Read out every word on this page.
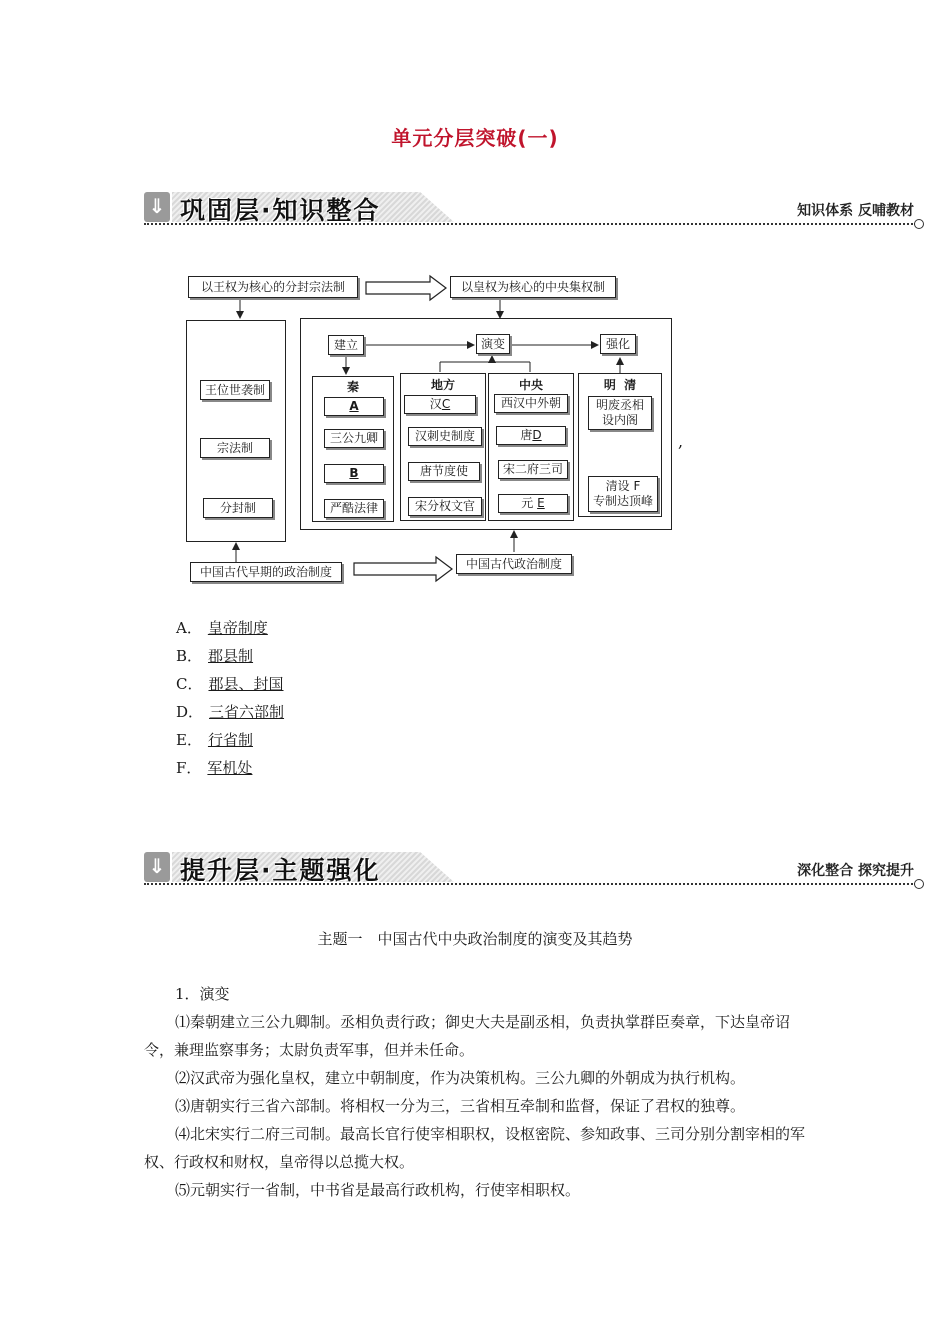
单元分层突破(一)
⇓ 巩固层·知识整合	知识体系 反哺教材
以王权为核心的分封宗法制	以皇权为核心的中央集权制
王位世袭制
宗法制
分封制
建立	演变	强化
秦
A
三公九卿
B
严酷法律
地方
汉 C
汉刺史制度
唐节度使
宋分权文官
中央
西汉中外朝
唐 D
宋二府三司
元 E
明  清
明废丞相
设内阁
清设 F
专制达顶峰
中国古代早期的政治制度
中国古代政治制度
,
A． 皇帝制度
B． 郡县制
C． 郡县、封国
D． 三省六部制
E． 行省制
F． 军机处
⇓ 提升层·主题强化	深化整合 探究提升
主题一　中国古代中央政治制度的演变及其趋势

1．演变

⑴秦朝建立三公九卿制。丞相负责行政；御史大夫是副丞相，负责执掌群臣奏章，下达皇帝诏令，兼理监察事务；太尉负责军事，但并未任命。

⑵汉武帝为强化皇权，建立中朝制度，作为决策机构。三公九卿的外朝成为执行机构。

⑶唐朝实行三省六部制。将相权一分为三，三省相互牵制和监督，保证了君权的独尊。

⑷北宋实行二府三司制。最高长官行使宰相职权，设枢密院、参知政事、三司分别分割宰相的军权、行政权和财权，皇帝得以总揽大权。

⑸元朝实行一省制，中书省是最高行政机构，行使宰相职权。
